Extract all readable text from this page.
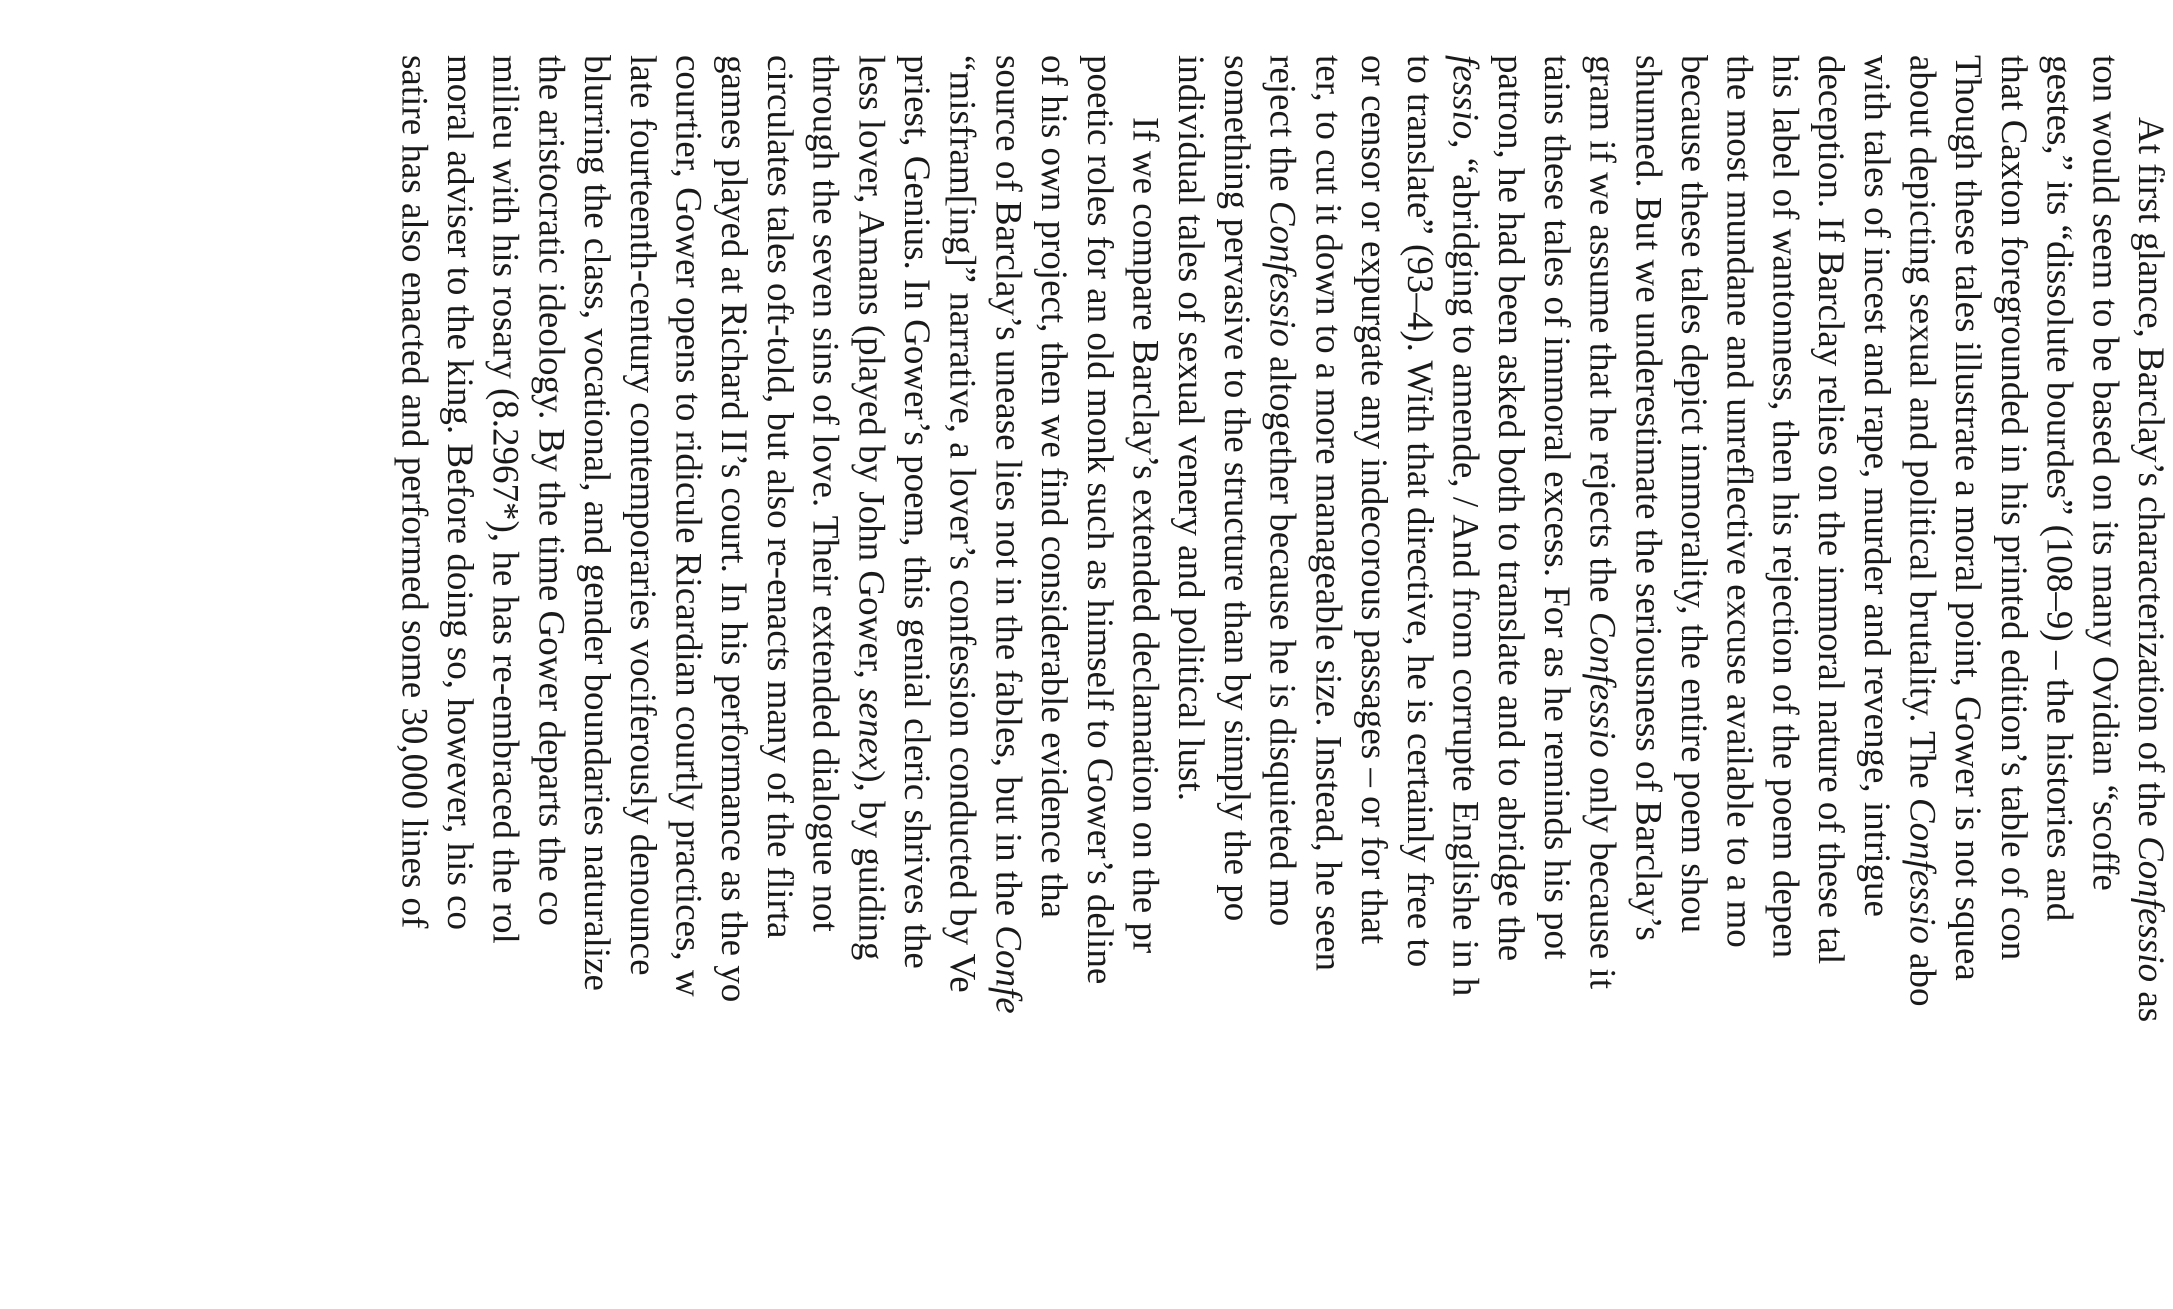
At first glance, Barclay’s characterization of the Confessio as
ton would seem to be based on its many Ovidian “scoffe
gestes,” its “dissolute bourdes” (108–9) – the histories and
that Caxton foregrounded in his printed edition’s table of con
Though these tales illustrate a moral point, Gower is not squea
about depicting sexual and political brutality. The Confessio abo
with tales of incest and rape, murder and revenge, intrigue
deception. If Barclay relies on the immoral nature of these tal
his label of wantonness, then his rejection of the poem depen
the most mundane and unreflective excuse available to a mo
because these tales depict immorality, the entire poem shou
shunned. But we underestimate the seriousness of Barclay’s
gram if we assume that he rejects the Confessio only because it
tains these tales of immoral excess. For as he reminds his pot
patron, he had been asked both to translate and to abridge the
fessio, “abridging to amende, / And from corrupte Englishe in h
to translate” (93–4). With that directive, he is certainly free to
or censor or expurgate any indecorous passages – or for that
ter, to cut it down to a more manageable size. Instead, he seen
reject the Confessio altogether because he is disquieted mo
something pervasive to the structure than by simply the po
individual tales of sexual venery and political lust.

If we compare Barclay’s extended declamation on the pr
poetic roles for an old monk such as himself to Gower’s deline
of his own project, then we find considerable evidence tha
source of Barclay’s unease lies not in the fables, but in the Confe
“misfram[ing]” narrative, a lover’s confession conducted by Ve
priest, Genius. In Gower’s poem, this genial cleric shrives the
less lover, Amans (played by John Gower, senex), by guiding
through the seven sins of love. Their extended dialogue not
circulates tales oft-told, but also re-enacts many of the flirta
games played at Richard II’s court. In his performance as the yo
courtier, Gower opens to ridicule Ricardian courtly practices, w
late fourteenth-century contemporaries vociferously denounce
blurring the class, vocational, and gender boundaries naturalize
the aristocratic ideology. By the time Gower departs the co
milieu with his rosary (8.2967*), he has re-embraced the rol
moral adviser to the king. Before doing so, however, his co
satire has also enacted and performed some 30,000 lines of
